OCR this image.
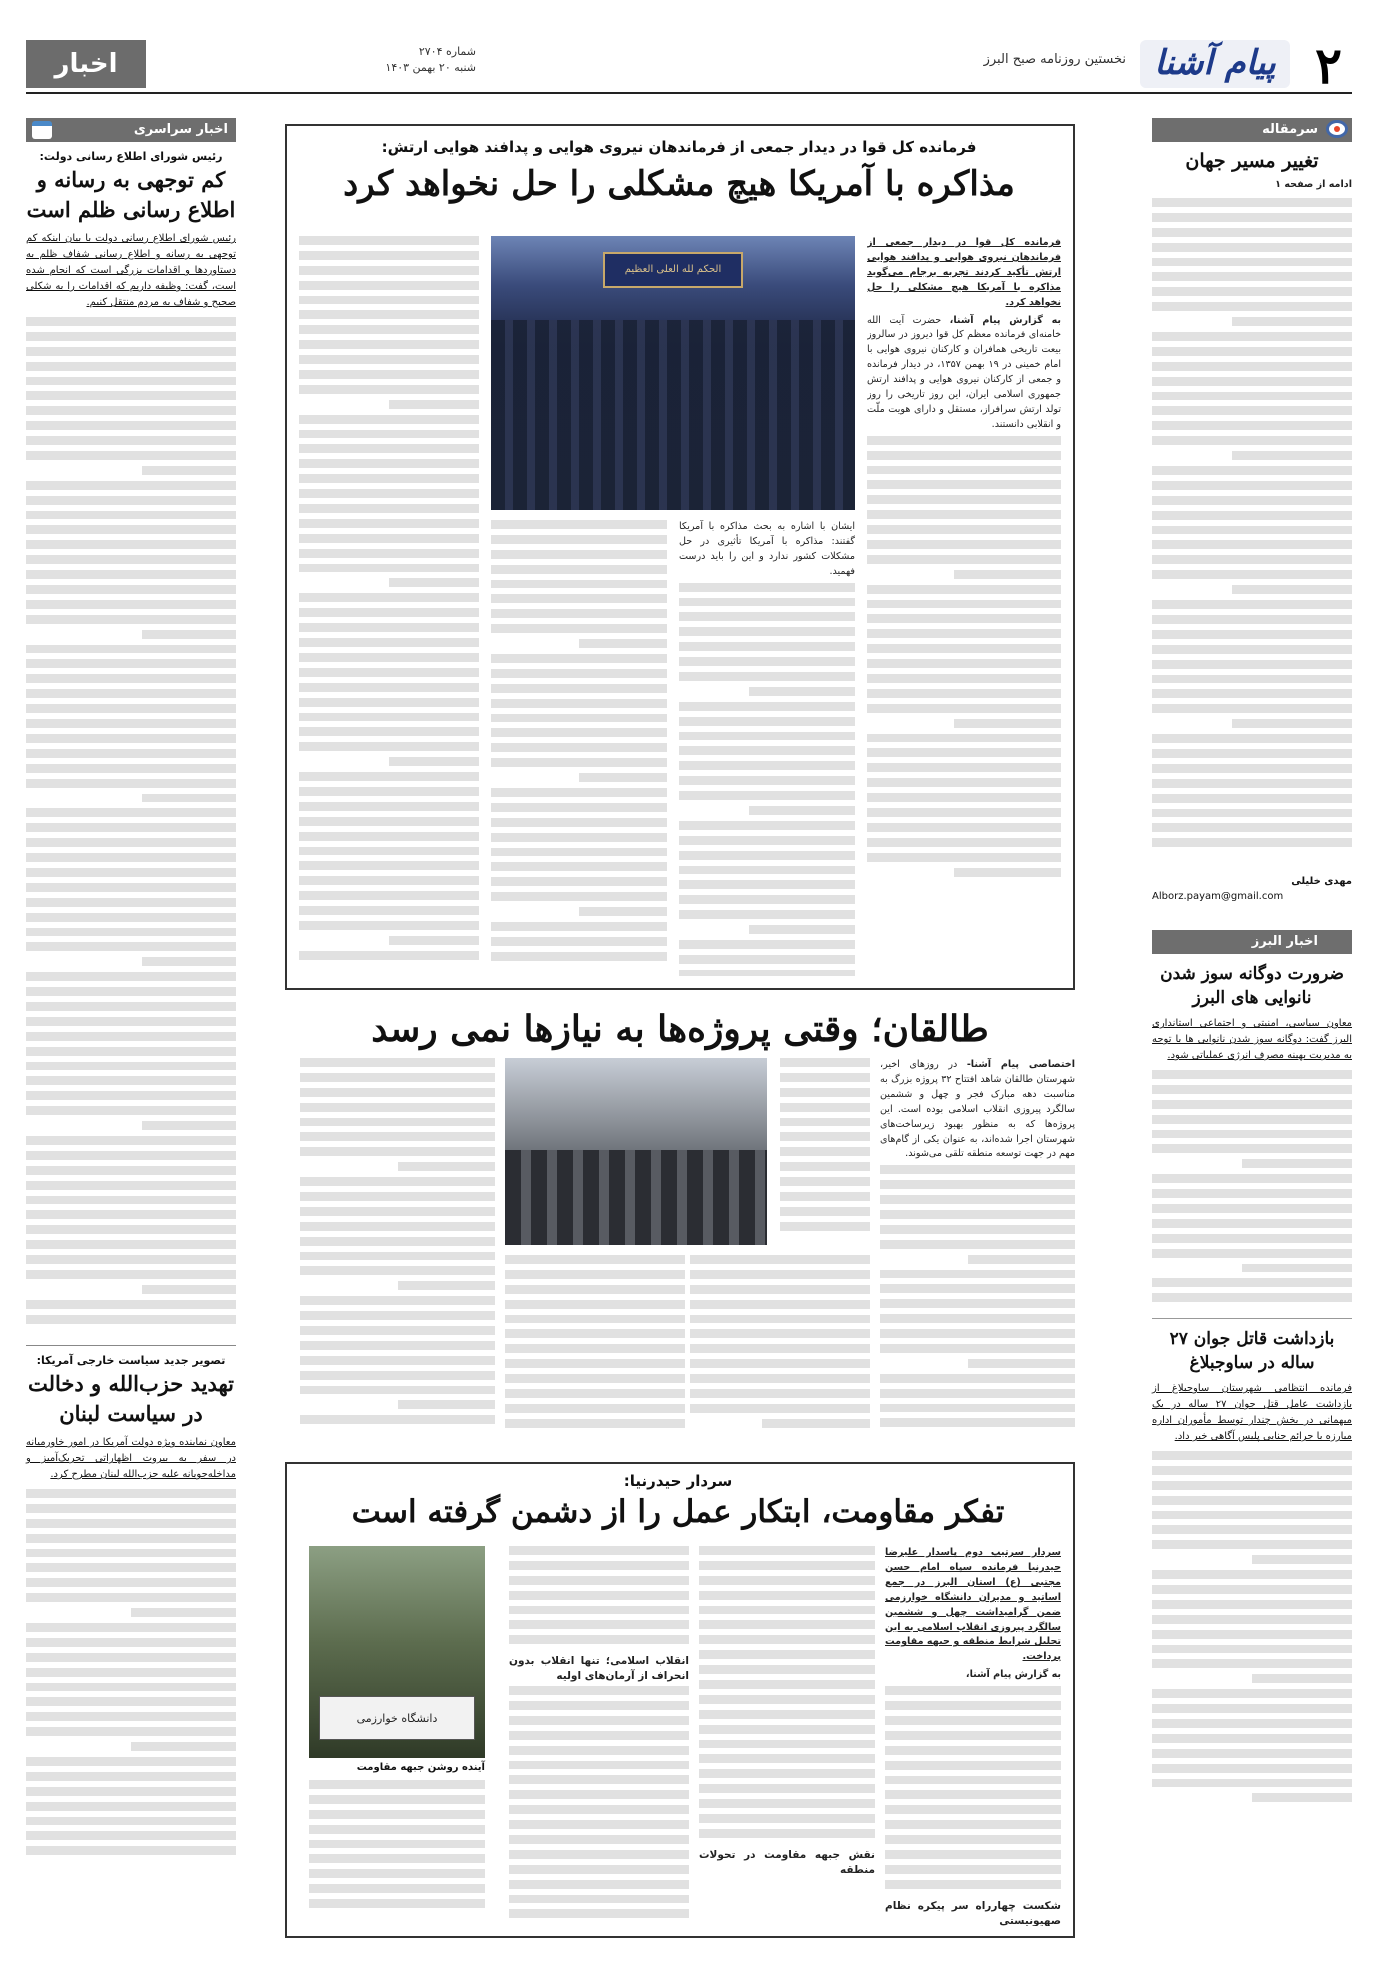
۲
پیام آشنا
نخستین روزنامه صبح البرز
شماره ۲۷۰۴
شنبه ۲۰ بهمن ۱۴۰۳
اخبار
سرمقاله
تغییر مسیر جهان

ادامه از صفحه ۱

مهدی خلیلی
Alborz.payam@gmail.com
اخبار البرز
ضرورت دوگانه سوز شدن نانوایی های البرز
معاون سیاسی، امنیتی و اجتماعی استانداری البرز گفت: دوگانه سوز شدن نانوایی ها با توجه به مدیریت بهینه مصرف انرژی عملیاتی شود.
بازداشت قاتل جوان ۲۷ ساله در ساوجبلاغ
فرمانده انتظامی شهرستان ساوجبلاغ از بازداشت عامل قتل جوان ۲۷ ساله در یک میهمانی در بخش چندار توسط مأموران اداره مبارزه با جرائم جنایی پلیس آگاهی خبر داد.
اخبار سراسری
رئیس شورای اطلاع رسانی دولت:
کم توجهی به رسانه و اطلاع رسانی ظلم است
رئیس شورای اطلاع رسانی دولت با بیان اینکه کم توجهی به رسانه و اطلاع رسانی شفاف ظلم به دستاوردها و اقدامات بزرگی است که انجام شده است، گفت: وظیفه داریم که اقدامات را به شکلی صحیح و شفاف به مردم منتقل کنیم.
تصویر جدید سیاست خارجی آمریکا:
تهدید حزب‌الله و دخالت در سیاست لبنان
معاون نماینده ویژه دولت آمریکا در امور خاورمیانه در سفر به بیروت اظهاراتی تحریک‌آمیز و مداخله‌جویانه علیه حزب‌الله لبنان مطرح کرد.
فرمانده کل قوا در دیدار جمعی از فرماندهان نیروی هوایی و پدافند هوایی ارتش:
مذاکره با آمریکا هیچ مشکلی را حل نخواهد کرد

فرمانده کل قوا در دیدار جمعی از فرماندهان نیروی هوایی و پدافند هوایی ارتش تأکید کردند تجربه برجام می‌گوید مذاکره با آمریکا هیچ مشکلی را حل نخواهد کرد.

به گزارش پیام آشنا، حضرت آیت الله خامنه‌ای فرمانده معظم کل قوا دیروز در سالروز بیعت تاریخی همافران و کارکنان نیروی هوایی با امام خمینی در ۱۹ بهمن ۱۳۵۷، در دیدار فرمانده و جمعی از کارکنان نیروی هوایی و پدافند ارتش جمهوری اسلامی ایران، این روز تاریخی را روز تولد ارتش سرافراز، مستقل و دارای هویت ملّت و انقلابی دانستند.

الحکم لله العلی العظیم

ایشان با اشاره به بحث مذاکره با آمریکا گفتند: مذاکره با آمریکا تأثیری در حل مشکلات کشور ندارد و این را باید درست فهمید.

طالقان؛ وقتی پروژه‌ها به نیازها نمی رسد

اختصاصی پیام آشنا- در روزهای اخیر، شهرستان طالقان شاهد افتتاح ۳۲ پروژه بزرگ به مناسبت دهه مبارک فجر و چهل و ششمین سالگرد پیروزی انقلاب اسلامی بوده است. این پروژه‌ها که به منظور بهبود زیرساخت‌های شهرستان اجرا شده‌اند، به عنوان یکی از گام‌های مهم در جهت توسعه منطقه تلقی می‌شوند.

سردار حیدرنیا:
تفکر مقاومت، ابتکار عمل را از دشمن گرفته است

سردار سرتیپ دوم پاسدار علیرضا حیدرنیا فرمانده سپاه امام حسن مجتبی (ع) استان البرز در جمع اساتید و مدیران دانشگاه خوارزمی ضمن گرامیداشت چهل و ششمین سالگرد پیروزی انقلاب اسلامی به این تحلیل شرایط منطقه و جبهه مقاومت پرداخت.

به گزارش پیام آشنا،

شکست چهارراه سر پیکره نظام صهیونیستی
نقش جبهه مقاومت در تحولات منطقه
انقلاب اسلامی؛ تنها انقلاب بدون انحراف از آرمان‌های اولیه
دانشگاه خوارزمی
آینده روشن جبهه مقاومت
